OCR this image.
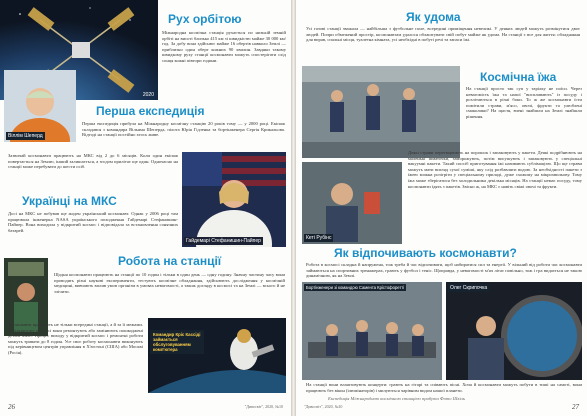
2020
Рух орбітою

Міжнародна космічна станція рухається по низькій земній орбіті на висоті близько 415 км зі швидкістю майже 30 000 км/год. За добу вона здійснює майже 16 обертів навколо Землі — приблизно один оберт кожних 90 хвилин. Завдяки такому швидкому руху станції космонавти можуть спостерігати схід сонця кожні півтори години.

Віллім Шеперд
Перша експедиція

Перша експедиція прибула на Міжнародну космічну станцію 20 років тому — у 2000 році. Екіпаж складався з командира Вільяма Шеперда, пілота Юрія Гідзенка та бортінженера Сергія Крикальова. Відтоді на станції постійно хтось живе.

Зазвичай космонавти працюють на МКС від 2 до 6 місяців. Коли один екіпаж повертається на Землю, інший залишається, а згодом прилітає ще один. Одночасно на станції може перебувати до шести осіб.

Гайдемарі Стефанишин-Пайпер
Українці на МКС

Досі на МКС не побував ще жоден український космонавт. Однак у 2006 році там працювала інженерка NASA українського походження Гайдемарі Стефанишин-Пайпер. Вона виходила у відкритий космос і відповідала за встановлення сонячних батарей.

Робота на станції

Щодня космонавти працюють на станції по 10 годин і тільки в один день — одну годину. Значну частину часу вони проводять різні наукові експерименти, тестують космічне обладнання, здійснюють дослідження у космічній медицині, вивчають вплив умов організм в умовах невагомості, а також догляду в космосі та на Землі — всього й не злічити.

Космонавти працюють не тільки всередині станції, а й за її межами. У відкритому космосі вони ремонтують або замінюють пошкоджені деталі МКС. Процес виходу у відкритий космос і ремонтні роботи можуть тривати до 8 годин. Усе своє роботу космонавти виконують під керівництвом центрів управління в Х'юстоні (США) або Москві (Росія).

Командир Кріс Кассіді займається обслуговуванням комп'ютера
26	"Дивосвіт", 2020, №10
Як удома

Усі газові станції зважала — найбільша з футбольне поле, всередині приміщення невеликі. У деяких людей можуть розмінутися двоє людей. Попри обмежений простір, космонавтам удалося облаштувати свій побут майже як удома. На станції є все для життя: обладнання для вправ, спальні місця, туалетна кімната, усі необхідні в побуті речі та запаси їжі.

Космічна їжа

На станції просто так суп у тарілку не поїси. Через невагомість їжа та напої "виспливають" із посуду і розлітаються в різні боки. То ж же космонавти їсти помітили страви, м'ясо, овочі, фрукти та улюблені смаколики? На щастя, вчені знайшли на Землі знайшли рішення.

Кеті Рубінс

Деякі страви перетворюють на порошок і запаковують у пакети. Деякі подрібнюють на маленькі шматочки, заморожують, потім висушують і запаковують у спеціальні вакуумні пакети. Такий спосіб приготування їжі називають сублімацією. Що ще страви можуть мати вигляд сухої суміші, яку слід розбавляти водою. За необхідності пакети з їжею можна розігріти у спеціальному приладі, дуже схожому на мікрохвильову. Тому їжа може зберігатися без холодильника декілька місяців. На станції немає посуду, тому космонавти їдять з пакетів. Звісно ж, на МКС є навіть свіжі овочі та фрукти.

Як відпочивають космонавти?

Робота в космосі складна й напружена, тож треба й час відпочивати, щоб набиратися сил та енергії. У вільний від роботи час космонавти займаються на спортивних тренажерах, грають у футбол і теніс. Щоправда, у невагомості м'яч літає повільно, тож і гра видається не такою динамічною, як на Землі.

Бортінженери зі командою Самента Крістофоретті	Олег Скрипочка

На станції вони влаштовують концерти: грають на гітарі та співають пісні. Хоча й космонавти можуть побути в тиші на самоті, вони працюють без вікон (ілюмінаторів) і милуються чарівним видом нашої планети.

Експедиція Міжнародною космічною станцією прибута Фото Шкіль
"Дивосвіт", 2020, №10	27
